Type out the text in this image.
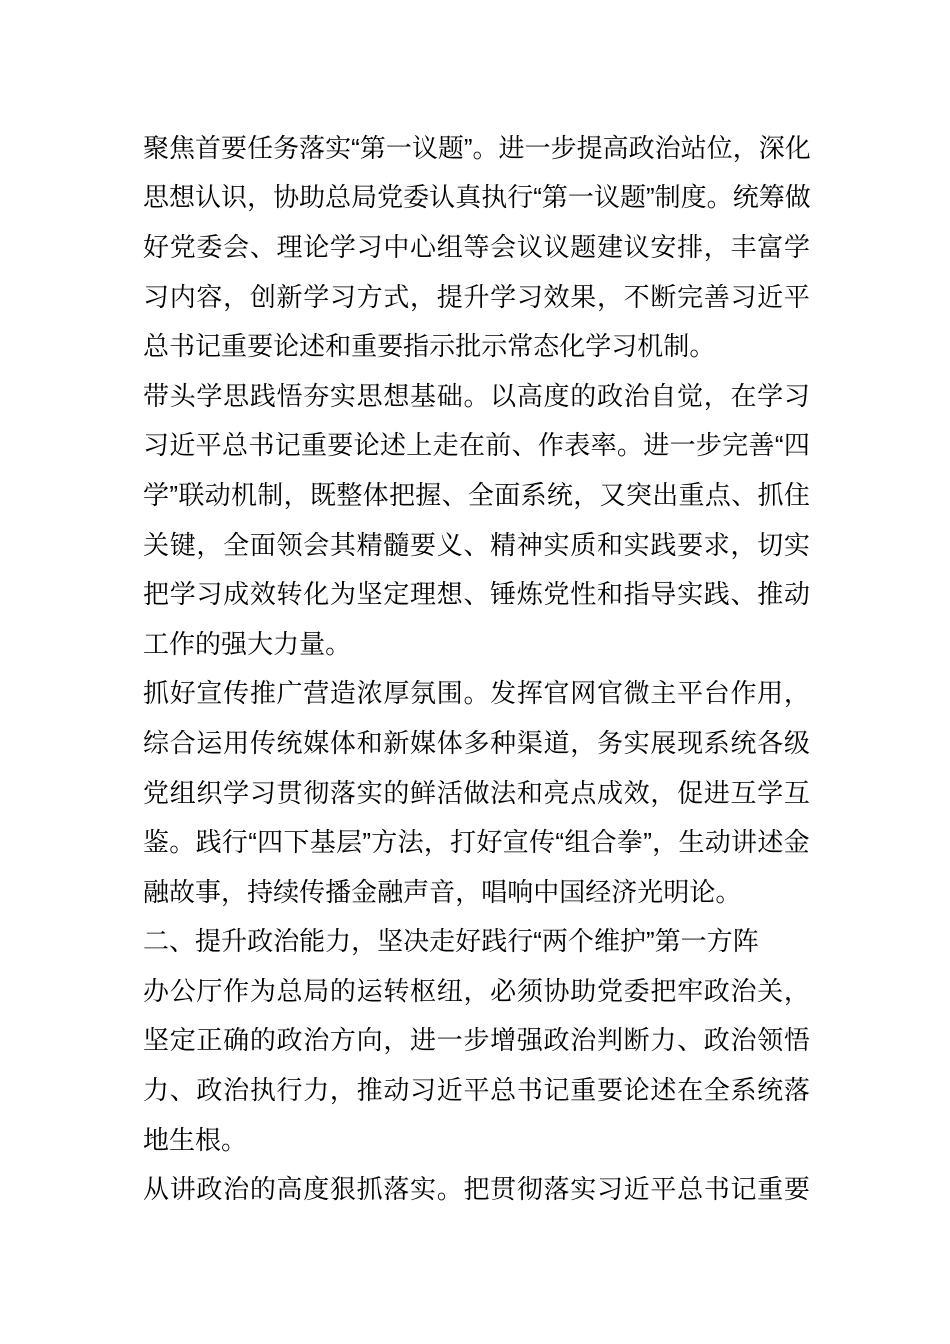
聚 焦 首 要 任 务 落 实 “ 第 一 议 题 ” 。 进 一 步 提 高 政 治 站 位 ， 深 化
思 想 认 识 ， 协 助 总 局 党 委 认 真 执 行 “ 第 一 议 题 ” 制 度 。 统 筹 做
好 党 委 会 、 理 论 学 习 中 心 组 等 会 议 议 题 建 议 安 排 ， 丰 富 学
习 内 容 ， 创 新 学 习 方 式 ， 提 升 学 习 效 果 ， 不 断 完 善 习 近 平
总 书 记 重 要 论 述 和 重 要 指 示 批 示 常 态 化 学 习 机 制 。
带 头 学 思 践 悟 夯 实 思 想 基 础 。 以 高 度 的 政 治 自 觉 ， 在 学 习
习 近 平 总 书 记 重 要 论 述 上 走 在 前 、 作 表 率 。 进 一 步 完 善 “ 四
学 ” 联 动 机 制 ， 既 整 体 把 握 、 全 面 系 统 ， 又 突 出 重 点 、 抓 住
关 键 ， 全 面 领 会 其 精 髓 要 义 、 精 神 实 质 和 实 践 要 求 ， 切 实
把 学 习 成 效 转 化 为 坚 定 理 想 、 锤 炼 党 性 和 指 导 实 践 、 推 动
工 作 的 强 大 力 量 。
抓 好 宣 传 推 广 营 造 浓 厚 氛 围 。 发 挥 官 网 官 微 主 平 台 作 用 ，
综 合 运 用 传 统 媒 体 和 新 媒 体 多 种 渠 道 ， 务 实 展 现 系 统 各 级
党 组 织 学 习 贯 彻 落 实 的 鲜 活 做 法 和 亮 点 成 效 ， 促 进 互 学 互
鉴 。 践 行 “ 四 下 基 层 ” 方 法 ， 打 好 宣 传 “ 组 合 拳 ” ， 生 动 讲 述 金
融 故 事 ， 持 续 传 播 金 融 声 音 ， 唱 响 中 国 经 济 光 明 论 。
二 、 提 升 政 治 能 力 ， 坚 决 走 好 践 行 “ 两 个 维 护 ” 第 一 方 阵
办 公 厅 作 为 总 局 的 运 转 枢 纽 ， 必 须 协 助 党 委 把 牢 政 治 关 ，
坚 定 正 确 的 政 治 方 向 ， 进 一 步 增 强 政 治 判 断 力 、 政 治 领 悟
力 、 政 治 执 行 力 ， 推 动 习 近 平 总 书 记 重 要 论 述 在 全 系 统 落
地 生 根 。
从 讲 政 治 的 高 度 狠 抓 落 实 。 把 贯 彻 落 实 习 近 平 总 书 记 重 要
